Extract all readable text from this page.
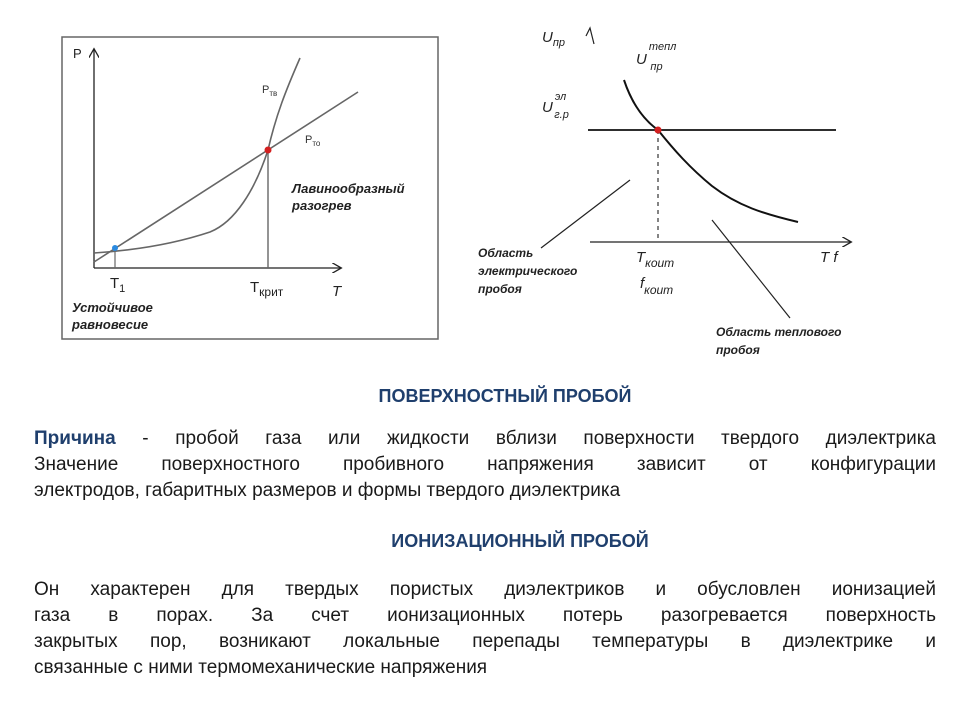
P
$P_{тв}$
$P_{то}$
Лавинообразный
разогрев
$T_1$	$T_{крит}$	T
Устойчивое
равновесие
$U_{пр}$
$U^{тепл}$ пр
$U^{эл}$ г.р
T f
$T_{коит}$
$f_{коит}$
Область
электрического
пробоя
Область теплового
пробоя
ПОВЕРХНОСТНЫЙ ПРОБОЙ
Причина - пробой газа или жидкости вблизи поверхности твердого диэлектрика
Значение поверхностного пробивного напряжения зависит от конфигурации
электродов, габаритных размеров и формы твердого диэлектрика
ИОНИЗАЦИОННЫЙ ПРОБОЙ
Он характерен для твердых пористых диэлектриков и обусловлен ионизацией
газа в порах. За счет ионизационных потерь разогревается поверхность
закрытых пор, возникают локальные перепады температуры в диэлектрике и
связанные с ними термомеханические напряжения
